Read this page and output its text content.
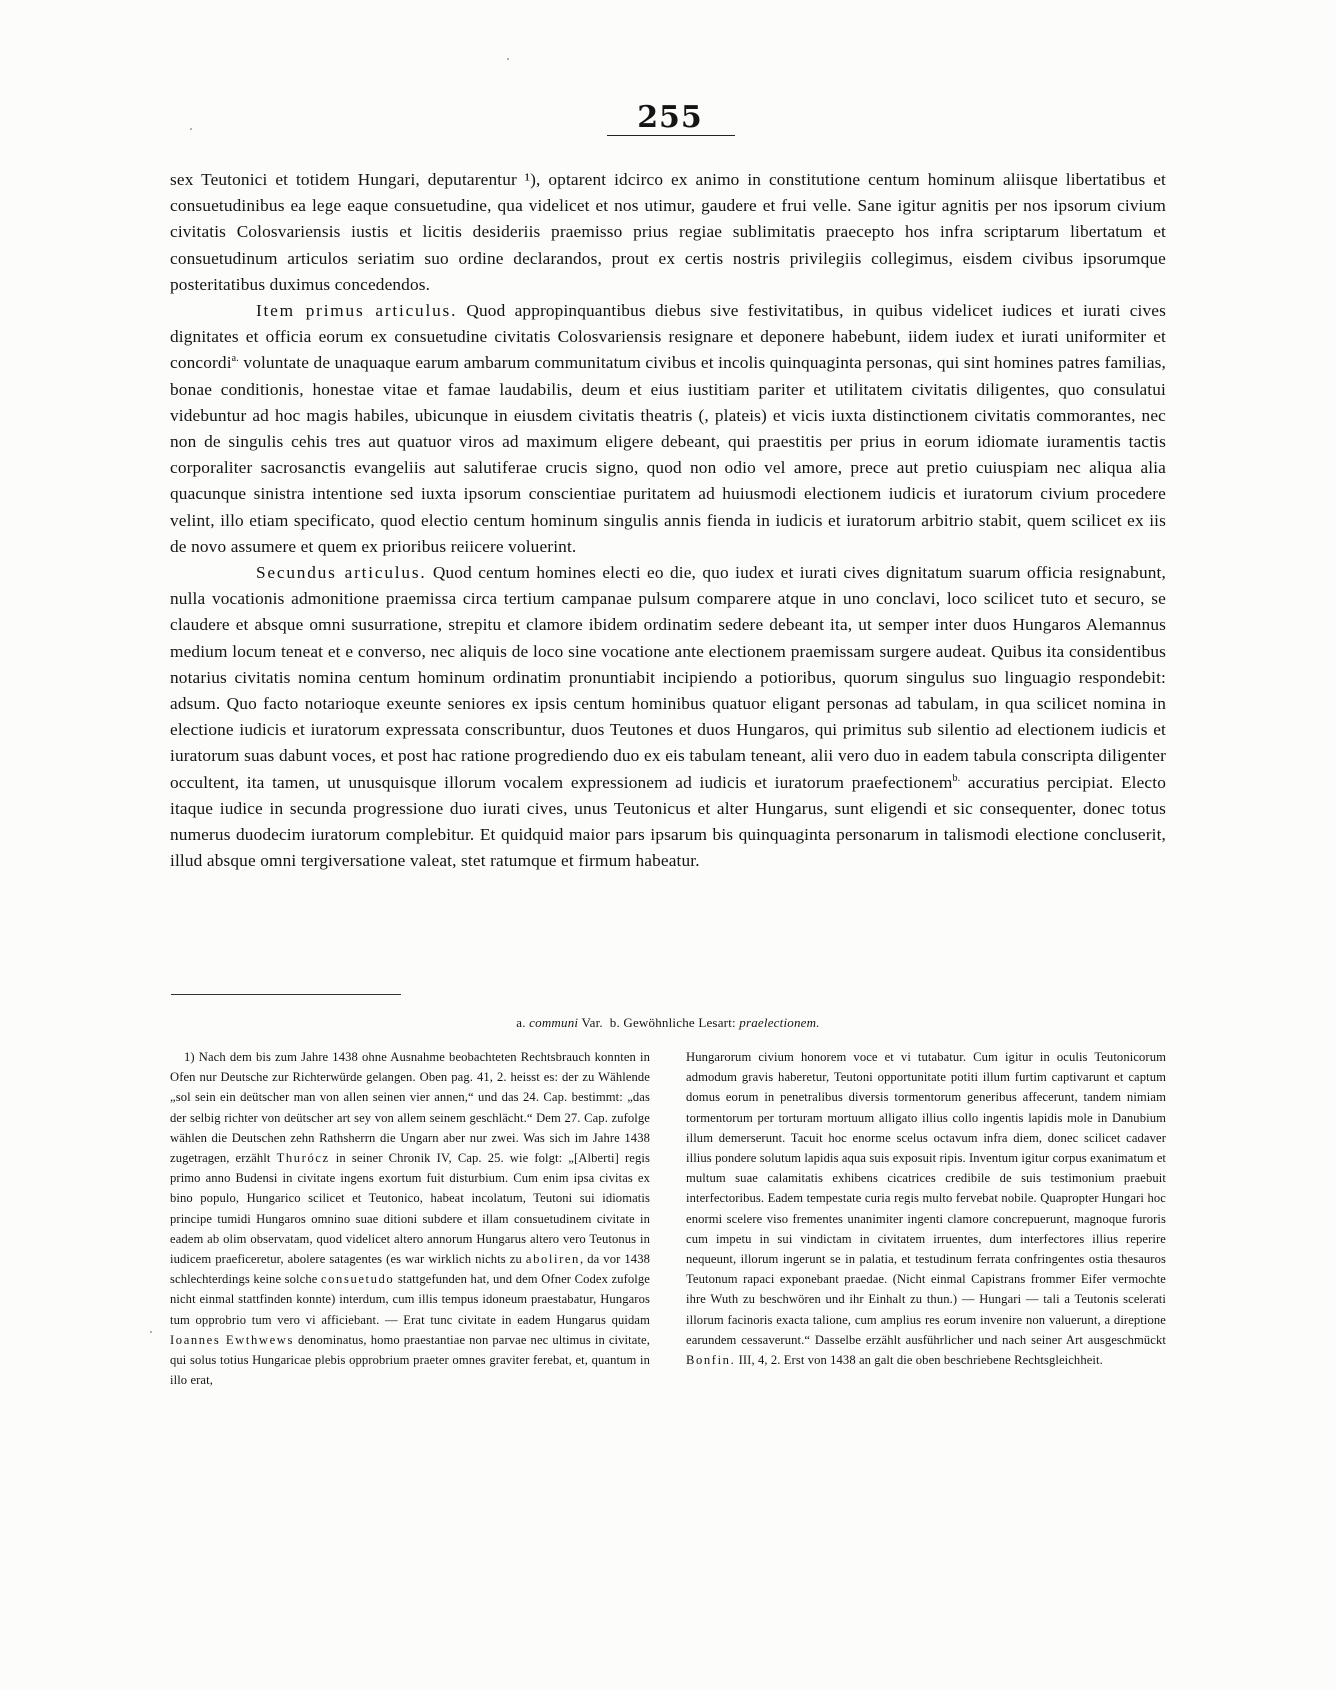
255

sex Teutonici et totidem Hungari, deputarentur ¹), optarent idcirco ex animo in constitutione centum hominum aliisque libertatibus et consuetudinibus ea lege eaque consuetudine, qua videlicet et nos utimur, gaudere et frui velle. Sane igitur agnitis per nos ipsorum civium civitatis Colosvariensis iustis et licitis desideriis praemisso prius regiae sublimitatis praecepto hos infra scriptarum libertatum et consuetudinum articulos seriatim suo ordine declarandos, prout ex certis nostris privilegiis collegimus, eisdem civibus ipsorumque posteritatibus duximus concedendos.

Item primus articulus. Quod appropinquantibus diebus sive festivitatibus, in quibus videlicet iudices et iurati cives dignitates et officia eorum ex consuetudine civitatis Colosvariensis resignare et deponere habebunt, iidem iudex et iurati uniformiter et concordi$^{a.}$ voluntate de unaquaque earum ambarum communitatum civibus et incolis quinquaginta personas, qui sint homines patres familias, bonae conditionis, honestae vitae et famae laudabilis, deum et eius iustitiam pariter et utilitatem civitatis diligentes, quo consulatui videbuntur ad hoc magis habiles, ubicunque in eiusdem civitatis theatris (, plateis) et vicis iuxta distinctionem civitatis commorantes, nec non de singulis cehis tres aut quatuor viros ad maximum eligere debeant, qui praestitis per prius in eorum idiomate iuramentis tactis corporaliter sacrosanctis evangeliis aut salutiferae crucis signo, quod non odio vel amore, prece aut pretio cuiuspiam nec aliqua alia quacunque sinistra intentione sed iuxta ipsorum conscientiae puritatem ad huiusmodi electionem iudicis et iuratorum civium procedere velint, illo etiam specificato, quod electio centum hominum singulis annis fienda in iudicis et iuratorum arbitrio stabit, quem scilicet ex iis de novo assumere et quem ex prioribus reiicere voluerint.

Secundus articulus. Quod centum homines electi eo die, quo iudex et iurati cives dignitatum suarum officia resignabunt, nulla vocationis admonitione praemissa circa tertium campanae pulsum comparere atque in uno conclavi, loco scilicet tuto et securo, se claudere et absque omni susurratione, strepitu et clamore ibidem ordinatim sedere debeant ita, ut semper inter duos Hungaros Alemannus medium locum teneat et e converso, nec aliquis de loco sine vocatione ante electionem praemissam surgere audeat. Quibus ita considentibus notarius civitatis nomina centum hominum ordinatim pronuntiabit incipiendo a potioribus, quorum singulus suo linguagio respondebit: adsum. Quo facto notarioque exeunte seniores ex ipsis centum hominibus quatuor eligant personas ad tabulam, in qua scilicet nomina in electione iudicis et iuratorum expressata conscribuntur, duos Teutones et duos Hungaros, qui primitus sub silentio ad electionem iudicis et iuratorum suas dabunt voces, et post hac ratione progrediendo duo ex eis tabulam teneant, alii vero duo in eadem tabula conscripta diligenter occultent, ita tamen, ut unusquisque illorum vocalem expressionem ad iudicis et iuratorum praefectionem$^{b.}$ accuratius percipiat. Electo itaque iudice in secunda progressione duo iurati cives, unus Teutonicus et alter Hungarus, sunt eligendi et sic consequenter, donec totus numerus duodecim iuratorum complebitur. Et quidquid maior pars ipsarum bis quinquaginta personarum in talismodi electione concluserit, illud absque omni tergiversatione valeat, stet ratumque et firmum habeatur.

a. communi Var. b. Gewöhnliche Lesart: praelectionem.
1) Nach dem bis zum Jahre 1438 ohne Ausnahme beobachteten Rechtsbrauch konnten in Ofen nur Deutsche zur Richterwürde gelangen. Oben pag. 41, 2. heisst es: der zu Wählende „sol sein ein deütscher man von allen seinen vier annen,“ und das 24. Cap. bestimmt: „das der selbig richter von deütscher art sey von allem seinem geschlächt.“ Dem 27. Cap. zufolge wählen die Deutschen zehn Rathsherrn die Ungarn aber nur zwei. Was sich im Jahre 1438 zugetragen, erzählt Thurócz in seiner Chronik IV, Cap. 25. wie folgt: „[Alberti] regis primo anno Budensi in civitate ingens exortum fuit disturbium. Cum enim ipsa civitas ex bino populo, Hungarico scilicet et Teutonico, habeat incolatum, Teutoni sui idiomatis principe tumidi Hungaros omnino suae ditioni subdere et illam consuetudinem civitate in eadem ab olim observatam, quod videlicet altero annorum Hungarus altero vero Teutonus in iudicem praeficeretur, abolere satagentes (es war wirklich nichts zu aboliren, da vor 1438 schlechterdings keine solche consuetudo stattgefunden hat, und dem Ofner Codex zufolge nicht einmal stattfinden konnte) interdum, cum illis tempus idoneum praestabatur, Hungaros tum opprobrio tum vero vi afficiebant. — Erat tunc civitate in eadem Hungarus quidam Ioannes Ewthwews denominatus, homo praestantiae non parvae nec ultimus in civitate, qui solus totius Hungaricae plebis opprobrium praeter omnes graviter ferebat, et, quantum in illo erat,
Hungarorum civium honorem voce et vi tutabatur. Cum igitur in oculis Teutonicorum admodum gravis haberetur, Teutoni opportunitate potiti illum furtim captivarunt et captum domus eorum in penetralibus diversis tormentorum generibus affecerunt, tandem nimiam tormentorum per torturam mortuum alligato illius collo ingentis lapidis mole in Danubium illum demerserunt. Tacuit hoc enorme scelus octavum infra diem, donec scilicet cadaver illius pondere solutum lapidis aqua suis exposuit ripis. Inventum igitur corpus exanimatum et multum suae calamitatis exhibens cicatrices credibile de suis testimonium praebuit interfectoribus. Eadem tempestate curia regis multo fervebat nobile. Quapropter Hungari hoc enormi scelere viso frementes unanimiter ingenti clamore concrepuerunt, magnoque furoris cum impetu in sui vindictam in civitatem irruentes, dum interfectores illius reperire nequeunt, illorum ingerunt se in palatia, et testudinum ferrata confringentes ostia thesauros Teutonum rapaci exponebant praedae. (Nicht einmal Capistrans frommer Eifer vermochte ihre Wuth zu beschwören und ihr Einhalt zu thun.) — Hungari — tali a Teutonis scelerati illorum facinoris exacta talione, cum amplius res eorum invenire non valuerunt, a direptione earundem cessaverunt.“ Dasselbe erzählt ausführlicher und nach seiner Art ausgeschmückt Bonfin. III, 4, 2. Erst von 1438 an galt die oben beschriebene Rechtsgleichheit.
